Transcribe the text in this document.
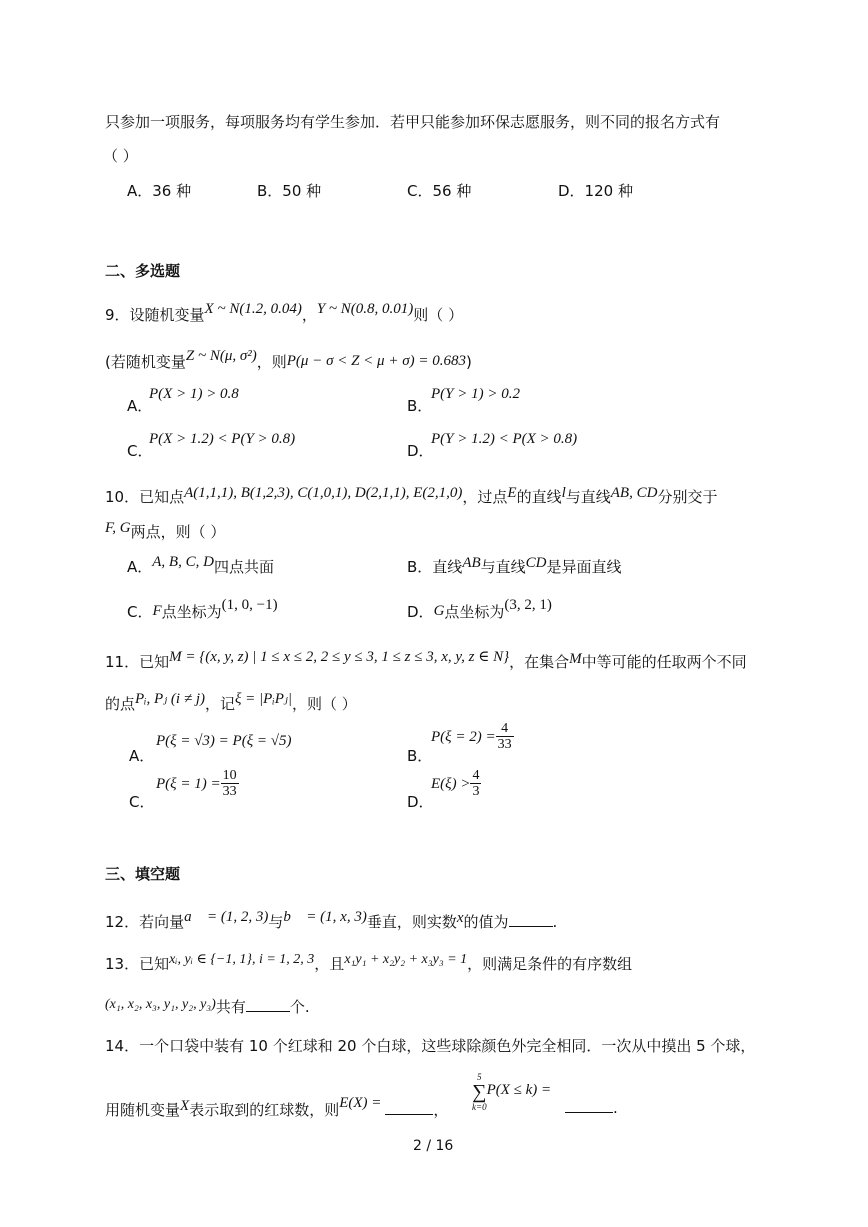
只参加一项服务，每项服务均有学生参加．若甲只能参加环保志愿服务，则不同的报名方式有
（ ）
A．36 种	B．50 种	C．56 种	D．120 种
二、多选题
9．设随机变量X ~ N(1.2, 0.04)，Y ~ N(0.8, 0.01)则（ ）
(若随机变量Z ~ N(μ, σ²)，则P(μ − σ < Z < μ + σ) = 0.683)
A．
P(X > 1) > 0.8
B．
P(Y > 1) > 0.2
C．
P(X > 1.2) < P(Y > 0.8)
D．
P(Y > 1.2) < P(X > 0.8)
10．已知点A(1,1,1), B(1,2,3), C(1,0,1), D(2,1,1), E(2,1,0)，过点E的直线l与直线AB, CD分别交于
F, G两点，则（ ）
A．A, B, C, D四点共面	B．直线AB与直线CD是异面直线
C．F点坐标为(1, 0, −1)	D．G点坐标为(3, 2, 1)
11．已知M = {(x, y, z) | 1 ≤ x ≤ 2, 2 ≤ y ≤ 3, 1 ≤ z ≤ 3, x, y, z ∈ N}，在集合M中等可能的任取两个不同
的点Pᵢ, Pⱼ (i ≠ j)，记ξ = |PᵢPⱼ|，则（ ）
A．
P(ξ = √3) = P(ξ = √5)
B．
$P(\xi = 2) = \frac{4}{33}$
C．
$P(\xi = 1) = \frac{10}{33}$
D．
$E(\xi) > \frac{4}{3}$
三、填空题
12．若向量a⃗ = (1, 2, 3)与b⃗ = (1, x, 3)垂直，则实数x的值为	.
13．已知xᵢ, yᵢ ∈ {−1, 1}, i = 1, 2, 3，且x₁y₁ + x₂y₂ + x₃y₃ = 1，则满足条件的有序数组
(x₁, x₂, x₃, y₁, y₂, y₃)共有	个.
14．一个口袋中装有 10 个红球和 20 个白球，这些球除颜色外完全相同．一次从中摸出 5 个球，
用随机变量X表示取到的红球数，则E(X) =	，
5
∑
k=0
P(X ≤ k) =
.
2 / 16
